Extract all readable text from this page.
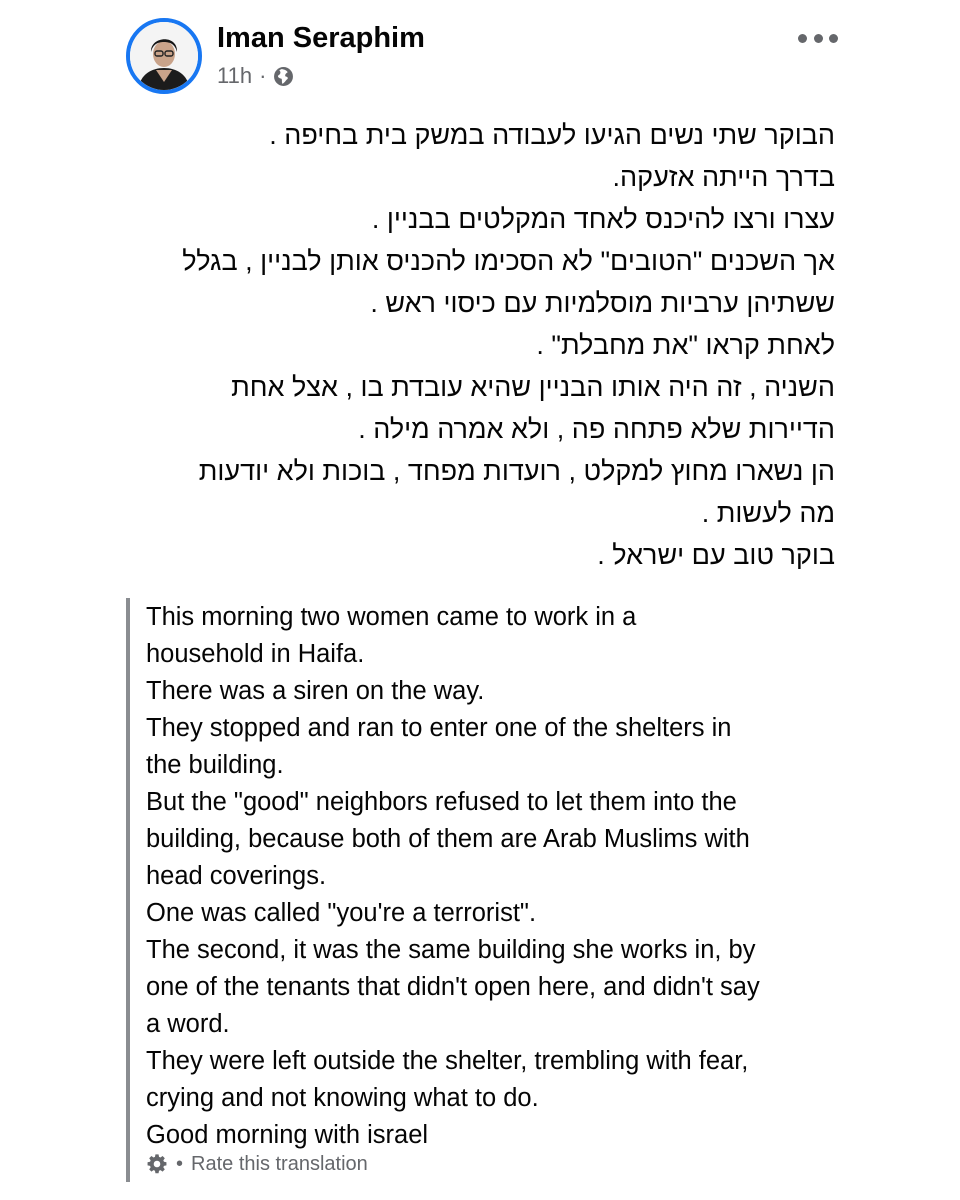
Iman Seraphim
11h ·
הבוקר שתי נשים הגיעו לעבודה במשק בית בחיפה .
בדרך הייתה אזעקה.
עצרו ורצו להיכנס לאחד המקלטים בבניין .
אך השכנים "הטובים" לא הסכימו להכניס אותן לבניין , בגלל
ששתיהן ערביות מוסלמיות עם כיסוי ראש .
לאחת קראו "את מחבלת" .
השניה , זה היה אותו הבניין שהיא עובדת בו , אצל אחת
הדיירות שלא פתחה פה , ולא אמרה מילה .
הן נשארו מחוץ למקלט , רועדות מפחד , בוכות ולא יודעות
מה לעשות .
בוקר טוב עם ישראל .
This morning two women came to work in a
household in Haifa.
There was a siren on the way.
They stopped and ran to enter one of the shelters in
the building.
But the "good" neighbors refused to let them into the
building, because both of them are Arab Muslims with
head coverings.
One was called "you're a terrorist".
The second, it was the same building she works in, by
one of the tenants that didn't open here, and didn't say
a word.
They were left outside the shelter, trembling with fear,
crying and not knowing what to do.
Good morning with israel
• Rate this translation
